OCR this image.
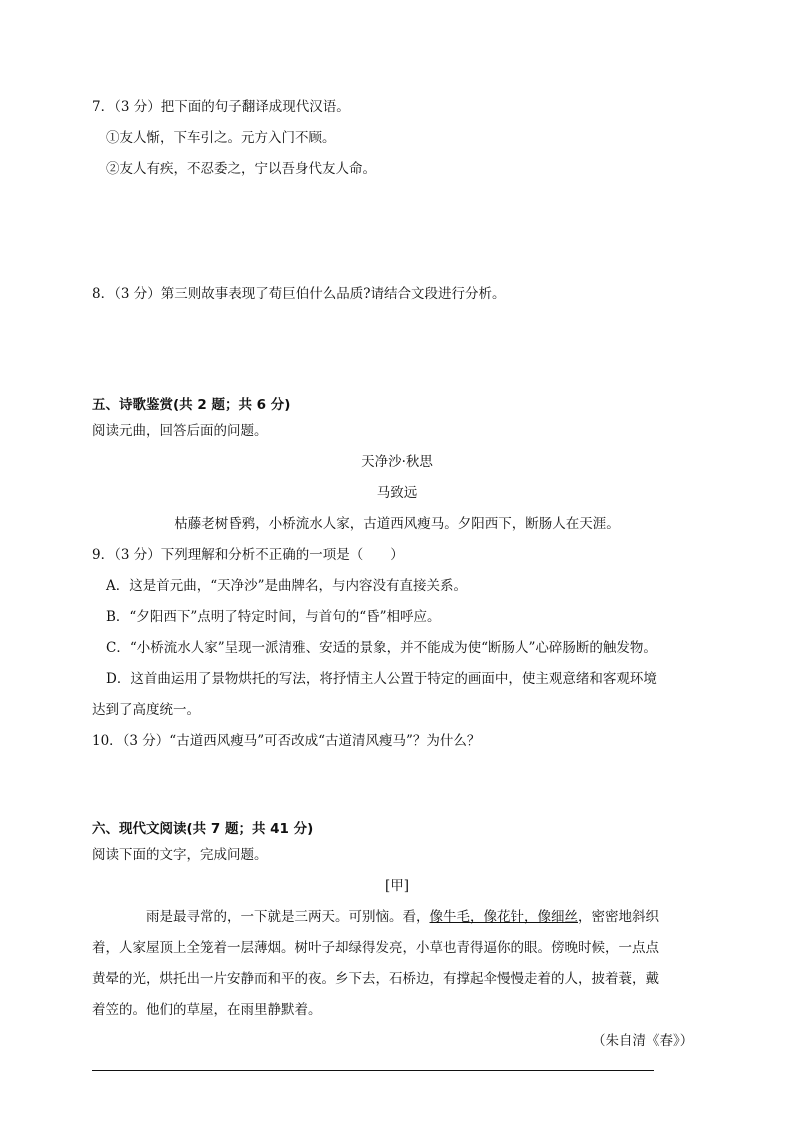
7．（3 分）把下面的句子翻译成现代汉语。
①友人惭，下车引之。元方入门不顾。
②友人有疾，不忍委之，宁以吾身代友人命。
8．（3 分）第三则故事表现了荀巨伯什么品质?请结合文段进行分析。
五、诗歌鉴赏(共 2 题；共 6 分)
阅读元曲，回答后面的问题。
天净沙·秋思
马致远
枯藤老树昏鸦，小桥流水人家，古道西风瘦马。夕阳西下，断肠人在天涯。
9．（3 分）下列理解和分析不正确的一项是（　　）
A．这是首元曲，“天净沙”是曲牌名，与内容没有直接关系。
B．“夕阳西下”点明了特定时间，与首句的“昏”相呼应。
C．“小桥流水人家”呈现一派清雅、安适的景象，并不能成为使“断肠人”心碎肠断的触发物。
D．这首曲运用了景物烘托的写法，将抒情主人公置于特定的画面中，使主观意绪和客观环境
达到了高度统一。
10．（3 分）“古道西风瘦马”可否改成“古道清风瘦马”？为什么？
六、现代文阅读(共 7 题；共 41 分)
阅读下面的文字，完成问题。
[甲]
雨是最寻常的，一下就是三两天。可别恼。看，像牛毛，像花针，像细丝，密密地斜织
着，人家屋顶上全笼着一层薄烟。树叶子却绿得发亮，小草也青得逼你的眼。傍晚时候，一点点
黄晕的光，烘托出一片安静而和平的夜。乡下去，石桥边，有撑起伞慢慢走着的人，披着蓑，戴
着笠的。他们的草屋，在雨里静默着。
（朱自清《春》）
